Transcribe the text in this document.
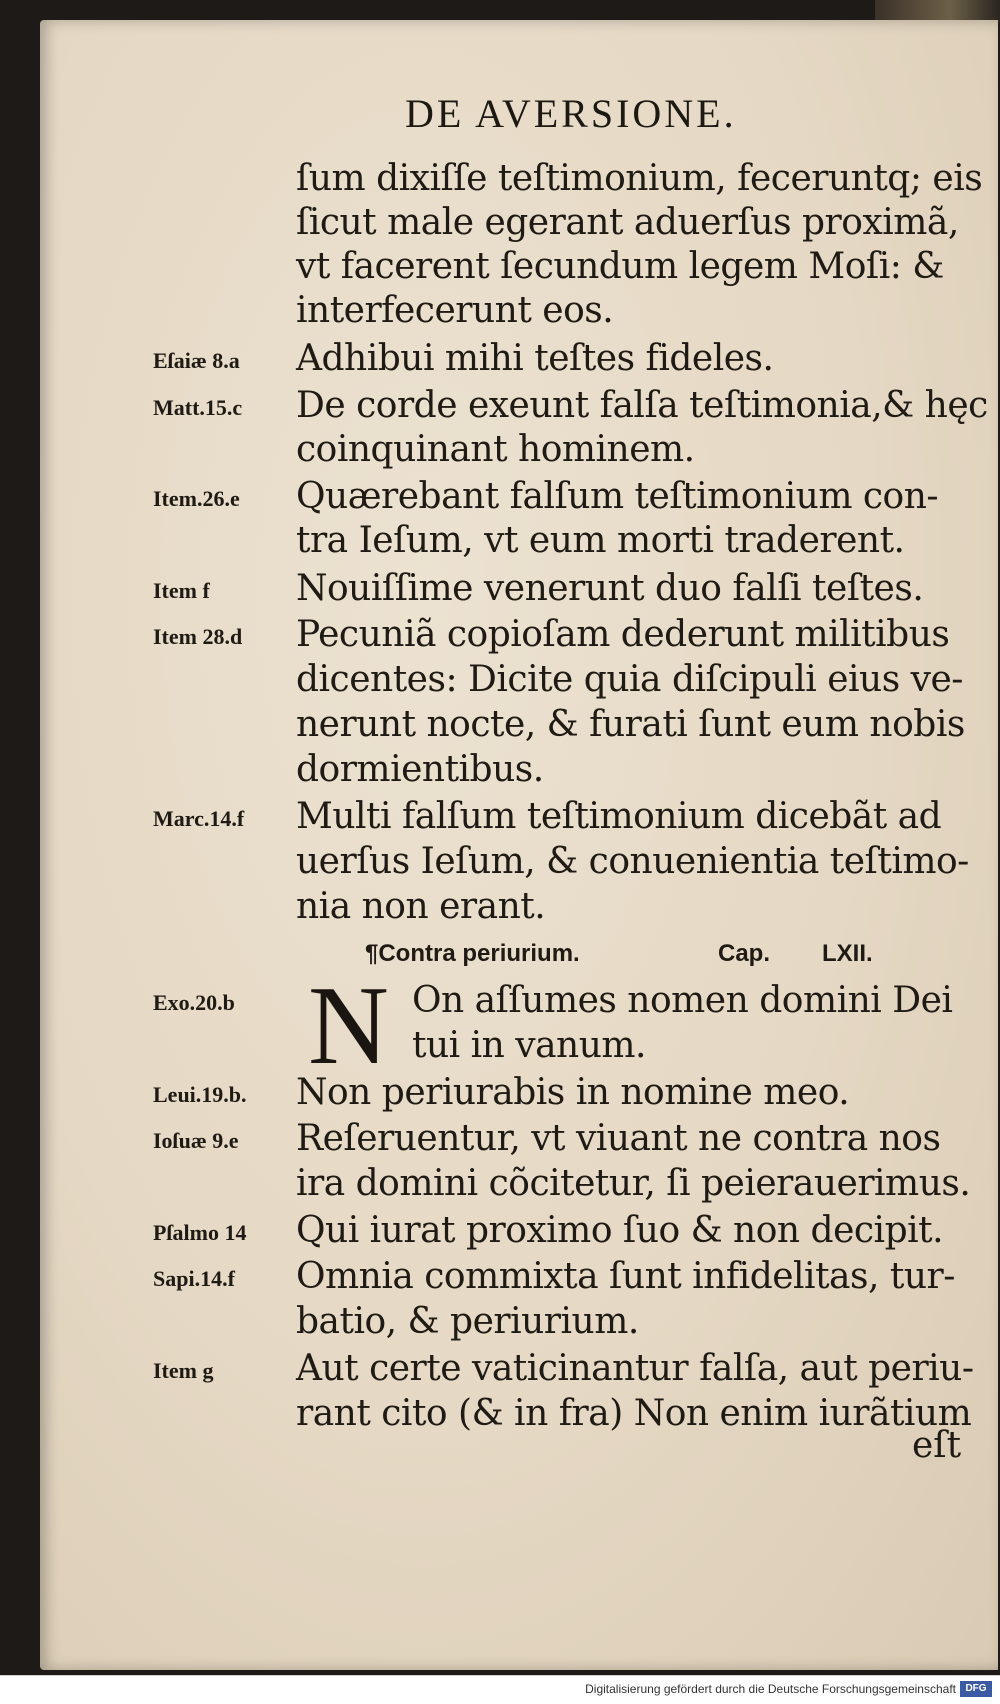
DE AVERSIONE.
ſum dixiſſe teſtimonium, feceruntq; eis
ſicut male egerant aduerſus proximã,
vt facerent ſecundum legem Moſi: &
interfecerunt eos.
Adhibui mihi teſtes fideles.
De corde exeunt falſa teſtimonia,& hęc
coinquinant hominem.
Quærebant falſum teſtimonium con-
tra Ieſum, vt eum morti traderent.
Nouiſſime venerunt duo falſi teſtes.
Pecuniã copioſam dederunt militibus
dicentes: Dicite quia diſcipuli eius ve-
nerunt nocte, & furati ſunt eum nobis
dormientibus.
Multi falſum teſtimonium dicebãt ad
uerſus Ieſum, & conuenientia teſtimo-
nia non erant.
¶Contra periurium.	Cap. LXII.
N On aſſumes nomen domini Dei
tui in vanum.
Non periurabis in nomine meo.
Reſeruentur, vt viuant ne contra nos
ira domini cõcitetur, ſi peierauerimus.
Qui iurat proximo ſuo & non decipit.
Omnia commixta ſunt infidelitas, tur-
batio, & periurium.
Aut certe vaticinantur falſa, aut periu-
rant cito (& in fra) Non enim iurãtium
eſt
Eſaiæ 8.a
Matt.15.c
Item.26.e
Item f
Item 28.d
Marc.14.f
Exo.20.b
Leui.19.b.
Ioſuæ 9.e
Pſalmo 14
Sapi.14.f
Item g
Digitalisierung gefördert durch die Deutsche Forschungsgemeinschaft DFG
